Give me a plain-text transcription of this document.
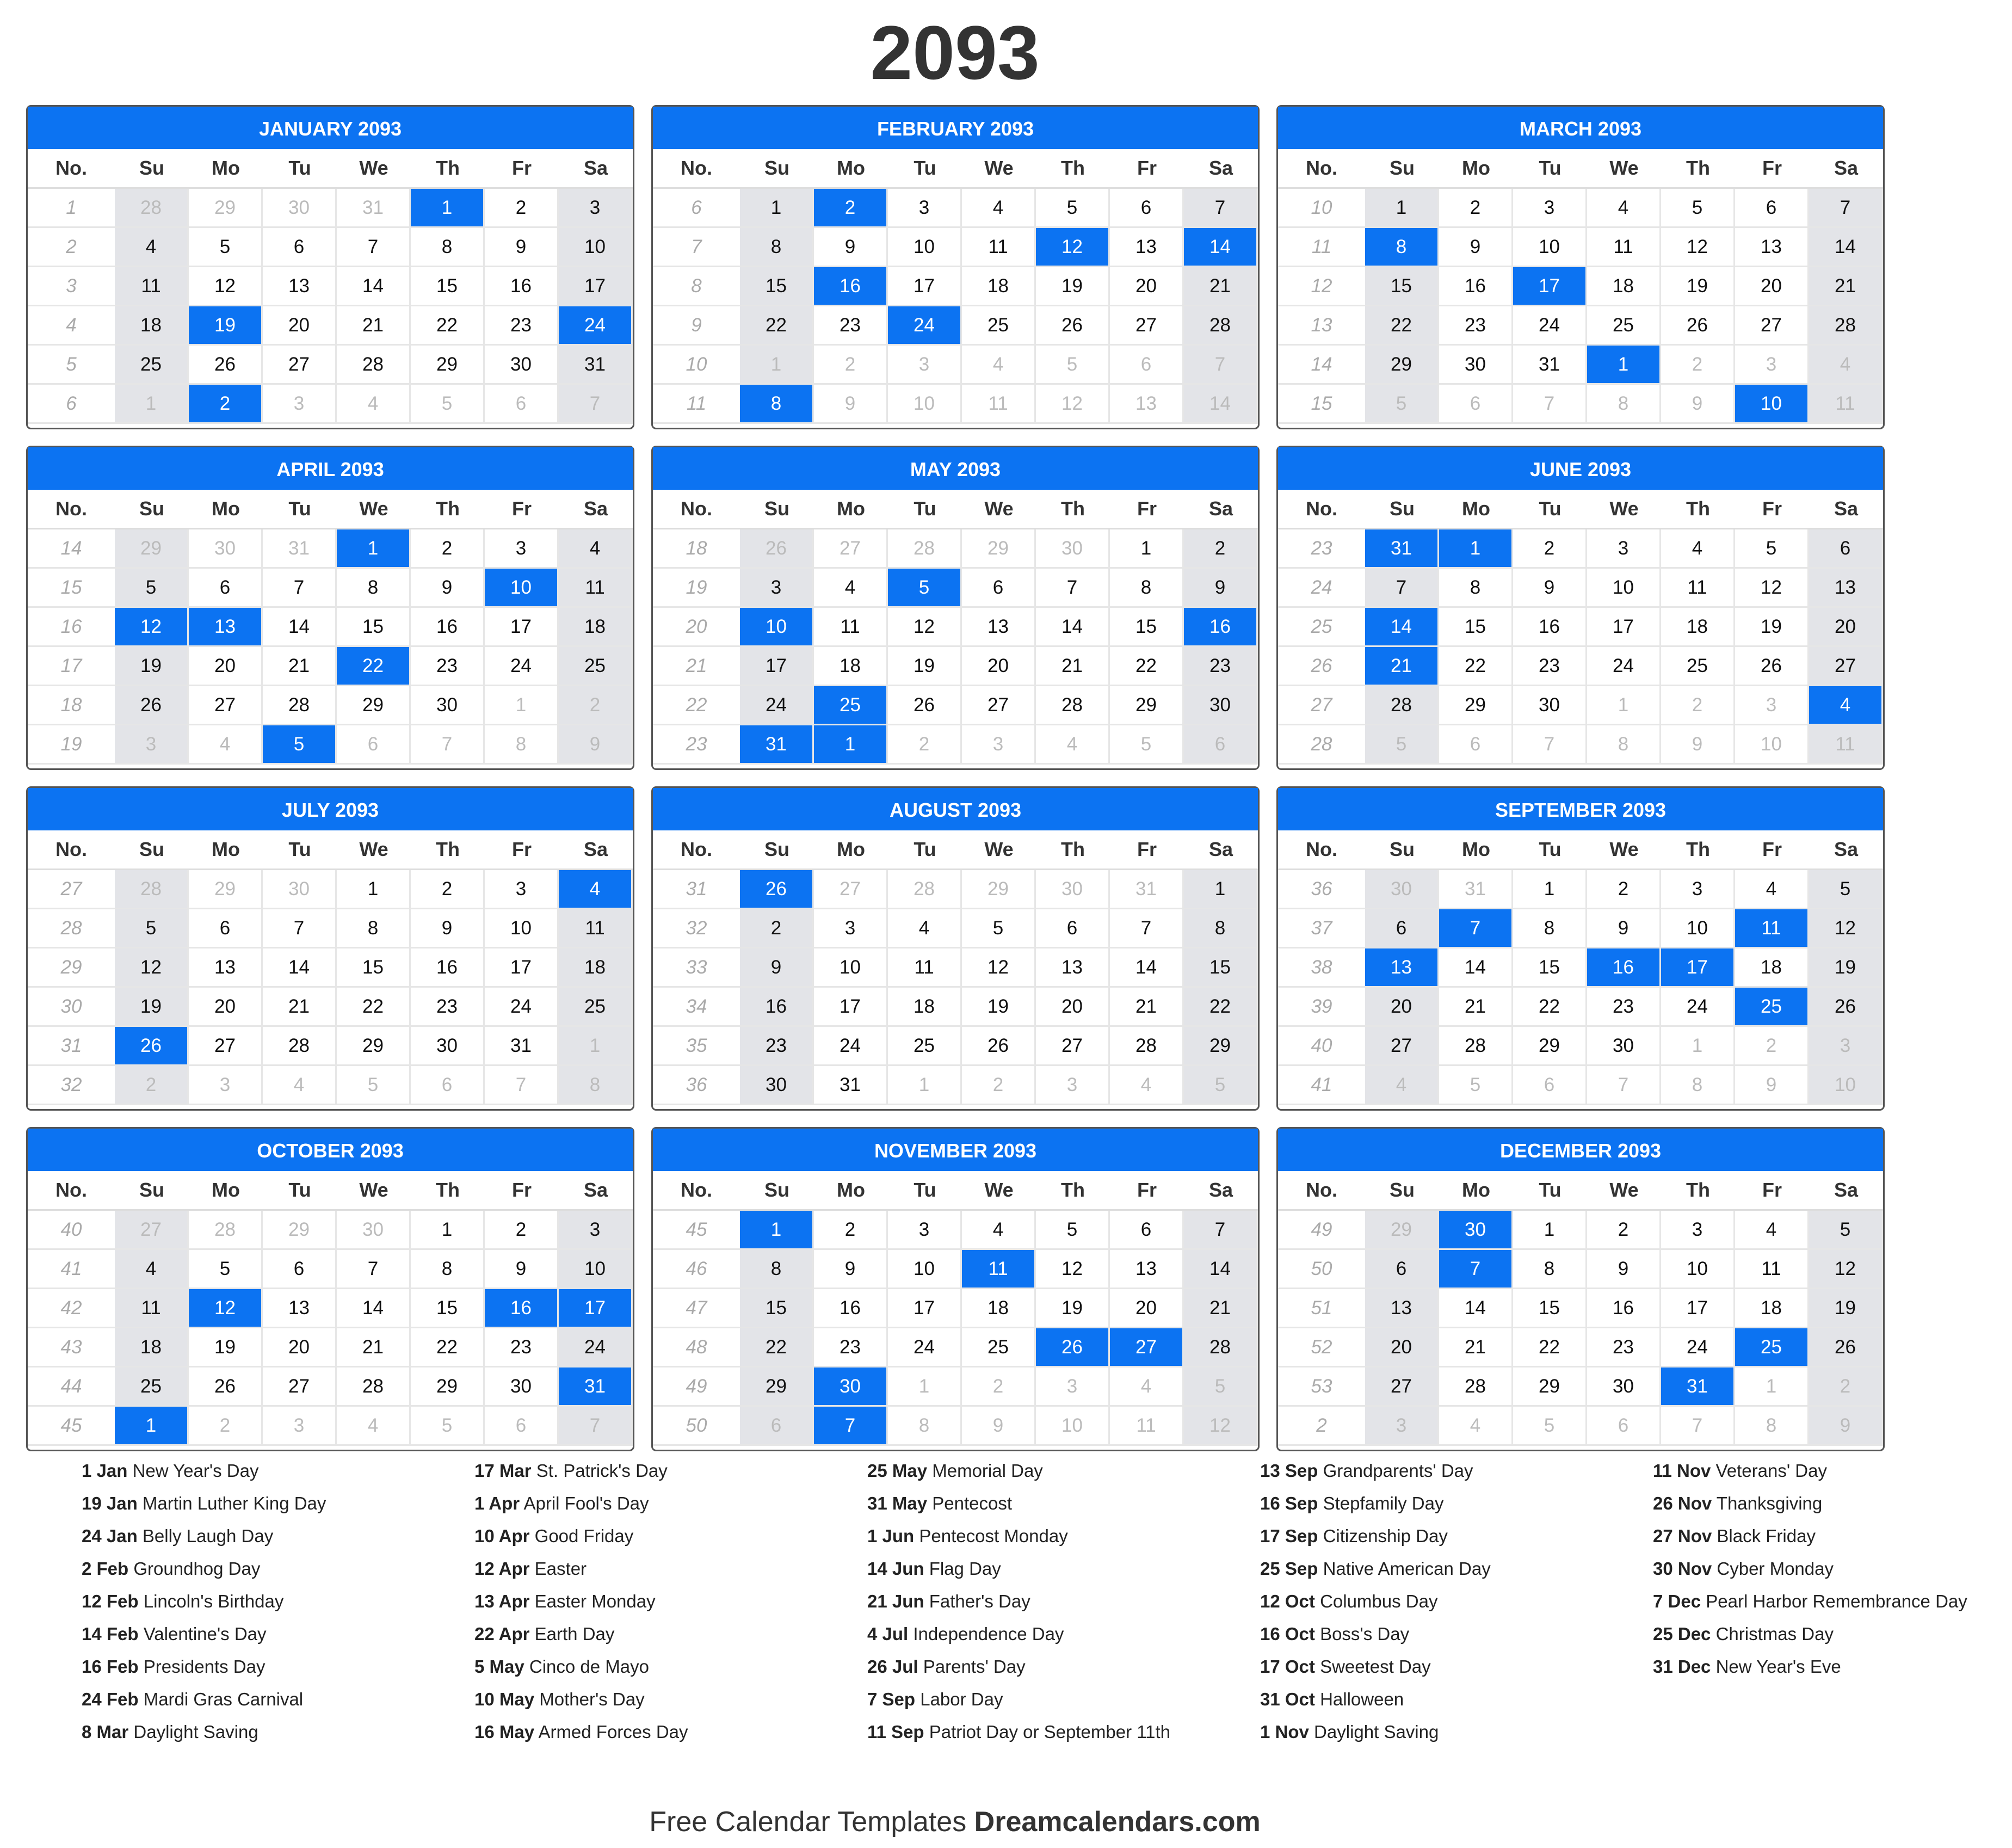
2093
JANUARY 2093
No.	Su	Mo	Tu	We	Th	Fr	Sa
1	28	29	30	31	1	2	3
2	4	5	6	7	8	9	10
3	11	12	13	14	15	16	17
4	18	19	20	21	22	23	24
5	25	26	27	28	29	30	31
6	1	2	3	4	5	6	7
FEBRUARY 2093
No.	Su	Mo	Tu	We	Th	Fr	Sa
6	1	2	3	4	5	6	7
7	8	9	10	11	12	13	14
8	15	16	17	18	19	20	21
9	22	23	24	25	26	27	28
10	1	2	3	4	5	6	7
11	8	9	10	11	12	13	14
MARCH 2093
No.	Su	Mo	Tu	We	Th	Fr	Sa
10	1	2	3	4	5	6	7
11	8	9	10	11	12	13	14
12	15	16	17	18	19	20	21
13	22	23	24	25	26	27	28
14	29	30	31	1	2	3	4
15	5	6	7	8	9	10	11
APRIL 2093
No.	Su	Mo	Tu	We	Th	Fr	Sa
14	29	30	31	1	2	3	4
15	5	6	7	8	9	10	11
16	12	13	14	15	16	17	18
17	19	20	21	22	23	24	25
18	26	27	28	29	30	1	2
19	3	4	5	6	7	8	9
MAY 2093
No.	Su	Mo	Tu	We	Th	Fr	Sa
18	26	27	28	29	30	1	2
19	3	4	5	6	7	8	9
20	10	11	12	13	14	15	16
21	17	18	19	20	21	22	23
22	24	25	26	27	28	29	30
23	31	1	2	3	4	5	6
JUNE 2093
No.	Su	Mo	Tu	We	Th	Fr	Sa
23	31	1	2	3	4	5	6
24	7	8	9	10	11	12	13
25	14	15	16	17	18	19	20
26	21	22	23	24	25	26	27
27	28	29	30	1	2	3	4
28	5	6	7	8	9	10	11
JULY 2093
No.	Su	Mo	Tu	We	Th	Fr	Sa
27	28	29	30	1	2	3	4
28	5	6	7	8	9	10	11
29	12	13	14	15	16	17	18
30	19	20	21	22	23	24	25
31	26	27	28	29	30	31	1
32	2	3	4	5	6	7	8
AUGUST 2093
No.	Su	Mo	Tu	We	Th	Fr	Sa
31	26	27	28	29	30	31	1
32	2	3	4	5	6	7	8
33	9	10	11	12	13	14	15
34	16	17	18	19	20	21	22
35	23	24	25	26	27	28	29
36	30	31	1	2	3	4	5
SEPTEMBER 2093
No.	Su	Mo	Tu	We	Th	Fr	Sa
36	30	31	1	2	3	4	5
37	6	7	8	9	10	11	12
38	13	14	15	16	17	18	19
39	20	21	22	23	24	25	26
40	27	28	29	30	1	2	3
41	4	5	6	7	8	9	10
OCTOBER 2093
No.	Su	Mo	Tu	We	Th	Fr	Sa
40	27	28	29	30	1	2	3
41	4	5	6	7	8	9	10
42	11	12	13	14	15	16	17
43	18	19	20	21	22	23	24
44	25	26	27	28	29	30	31
45	1	2	3	4	5	6	7
NOVEMBER 2093
No.	Su	Mo	Tu	We	Th	Fr	Sa
45	1	2	3	4	5	6	7
46	8	9	10	11	12	13	14
47	15	16	17	18	19	20	21
48	22	23	24	25	26	27	28
49	29	30	1	2	3	4	5
50	6	7	8	9	10	11	12
DECEMBER 2093
No.	Su	Mo	Tu	We	Th	Fr	Sa
49	29	30	1	2	3	4	5
50	6	7	8	9	10	11	12
51	13	14	15	16	17	18	19
52	20	21	22	23	24	25	26
53	27	28	29	30	31	1	2
2	3	4	5	6	7	8	9
1 Jan New Year's Day
19 Jan Martin Luther King Day
24 Jan Belly Laugh Day
2 Feb Groundhog Day
12 Feb Lincoln's Birthday
14 Feb Valentine's Day
16 Feb Presidents Day
24 Feb Mardi Gras Carnival
8 Mar Daylight Saving
17 Mar St. Patrick's Day
1 Apr April Fool's Day
10 Apr Good Friday
12 Apr Easter
13 Apr Easter Monday
22 Apr Earth Day
5 May Cinco de Mayo
10 May Mother's Day
16 May Armed Forces Day
25 May Memorial Day
31 May Pentecost
1 Jun Pentecost Monday
14 Jun Flag Day
21 Jun Father's Day
4 Jul Independence Day
26 Jul Parents' Day
7 Sep Labor Day
11 Sep Patriot Day or September 11th
13 Sep Grandparents' Day
16 Sep Stepfamily Day
17 Sep Citizenship Day
25 Sep Native American Day
12 Oct Columbus Day
16 Oct Boss's Day
17 Oct Sweetest Day
31 Oct Halloween
1 Nov Daylight Saving
11 Nov Veterans' Day
26 Nov Thanksgiving
27 Nov Black Friday
30 Nov Cyber Monday
7 Dec Pearl Harbor Remembrance Day
25 Dec Christmas Day
31 Dec New Year's Eve
Free Calendar Templates Dreamcalendars.com
